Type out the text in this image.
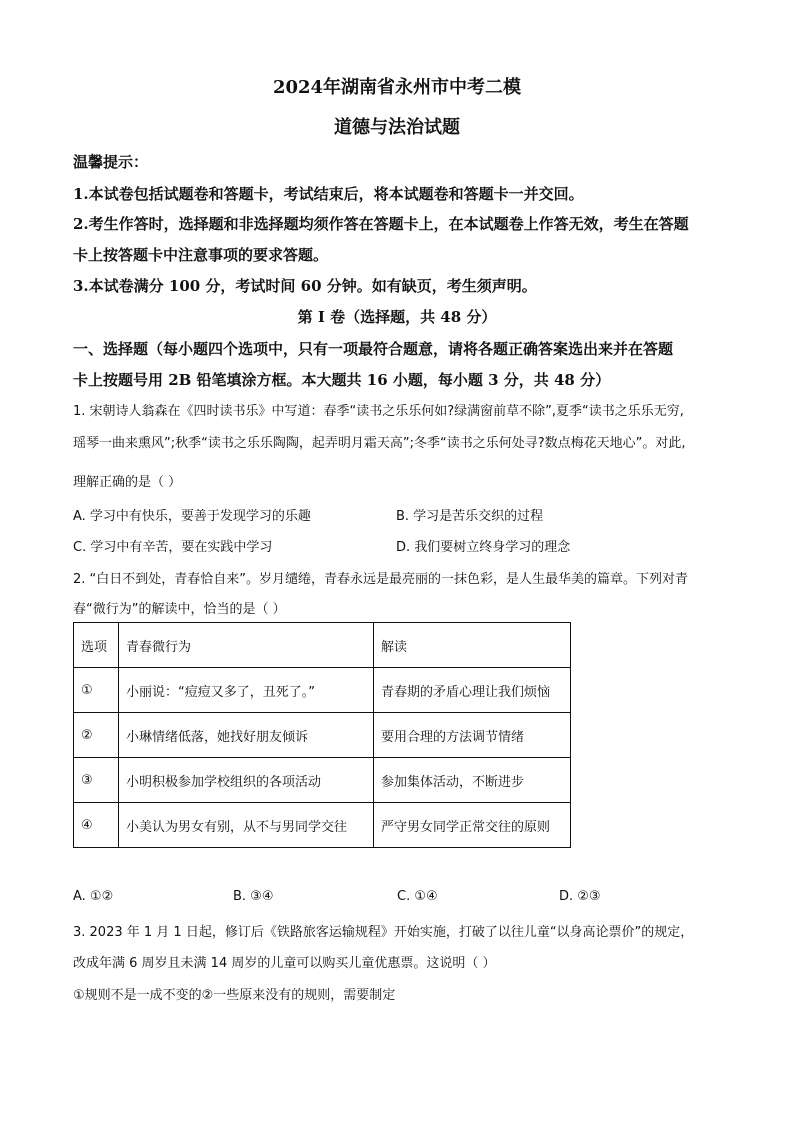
2024年湖南省永州市中考二模
道德与法治试题
温馨提示：
1.本试卷包括试题卷和答题卡，考试结束后，将本试题卷和答题卡一并交回。
2.考生作答时，选择题和非选择题均须作答在答题卡上，在本试题卷上作答无效，考生在答题
卡上按答题卡中注意事项的要求答题。
3.本试卷满分 100 分，考试时间 60 分钟。如有缺页，考生须声明。
第 I 卷（选择题，共 48 分）
一、选择题（每小题四个选项中，只有一项最符合题意，请将各题正确答案选出来并在答题
卡上按题号用 2B 铅笔填涂方框。本大题共 16 小题，每小题 3 分，共 48 分）
1. 宋朝诗人翁森在《四时读书乐》中写道：春季“读书之乐乐何如?绿满窗前草不除”,夏季“读书之乐乐无穷,
瑶琴一曲来熏风”;秋季“读书之乐乐陶陶，起弄明月霜天高”;冬季“读书之乐何处寻?数点梅花天地心”。对此,
理解正确的是（ ）
A. 学习中有快乐，要善于发现学习的乐趣	B. 学习是苦乐交织的过程
C. 学习中有辛苦，要在实践中学习	D. 我们要树立终身学习的理念
2. “白日不到处，青春恰自来”。岁月缱绻，青春永远是最亮丽的一抹色彩，是人生最华美的篇章。下列对青
春“微行为”的解读中，恰当的是（ ）
选项	青春微行为	解读
①	小丽说：“痘痘又多了，丑死了。”	青春期的矛盾心理让我们烦恼
②	小琳情绪低落，她找好朋友倾诉	要用合理的方法调节情绪
③	小明积极参加学校组织的各项活动	参加集体活动，不断进步
④	小美认为男女有别，从不与男同学交往	严守男女同学正常交往的原则
A. ①②	B. ③④	C. ①④	D. ②③
3. 2023 年 1 月 1 日起，修订后《铁路旅客运输规程》开始实施，打破了以往儿童“以身高论票价”的规定，
改成年满 6 周岁且未满 14 周岁的儿童可以购买儿童优惠票。这说明（ ）
①规则不是一成不变的②一些原来没有的规则，需要制定
